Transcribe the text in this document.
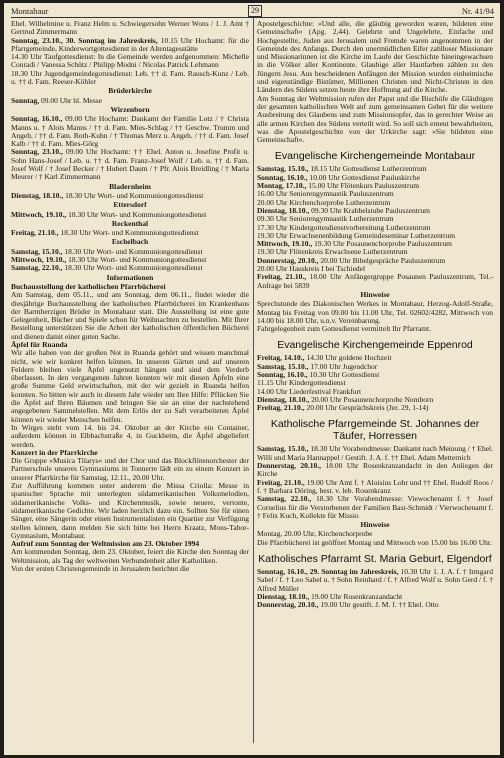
Montabaur	29	Nr. 41/94

Ehel. Wilhelmine u. Franz Helm u. Schwiegersohn Werner Wons / 1. J. Amt † Gertrud Zimmermann

Sonntag, 23.10., 30. Sonntag im Jahreskreis, 10.15 Uhr Hochamt: für die Pfarrgemeinde, Kinderwortgottesdienst in der Altentagesstätte

14.30 Uhr Taufgottesdienst: In die Gemeinde werden aufgenommen: Michelle Conradi / Vanessa Schütz / Philipp Modni / Nicolas Patrick Lehmann

18.30 Uhr Jugendgemeindegottesdienst: Leb. †† d. Fam. Rausch-Kunz / Leb. u. †† d. Fam. Reeser-Köhler

Brüderkirche

Sonntag, 09.00 Uhr hl. Messe

Wirzenborn

Sonntag, 16.10., 09.00 Uhr Hochamt: Dankamt der Familie Lotz / † Christa Manns u. † Alois Manns / †† d. Fam. Mies-Schlag / †† Geschw. Trumm und Angeh. / †† d. Fam. Roth-Kuhn / † Thomas Merz u. Angeh. / †† d. Fam. Josef Kalb / †† d. Fam. Mies-Görg

Sonntag, 23.10., 09.00 Uhr Hochamt: †† Ehel. Anton u. Josefine Profit u. Sohn Hans-Josef / Leb. u. †† d. Fam. Franz-Josef Wolf / Leb. u. †† d. Fam. Josef Wolf / † Josef Becker / † Hubert Daum / † Pfr. Alois Breidling / † Maria Meurer / † Karl Zimmermann

Bladernheim

Dienstag, 18.10., 18.30 Uhr Wort- und Kommuniongottesdienst

Ettersdorf

Mittwoch, 19.10., 18.30 Uhr Wort- und Kommuniongottesdienst

Reckenthal

Freitag, 21.10., 18.30 Uhr Wort- und Kommuniongottesdienst

Eschelbach

Samstag, 15.10., 18.30 Uhr Wort- und Kommuniongottesdienst

Mittwoch, 19.10., 18.30 Uhr Wort- und Kommuniongottesdienst

Samstag, 22.10., 18.30 Uhr Wort- und Kommuniongottesdienst

Informationen

Buchausstellung der katholischen Pfarrbücherei

Am Samstag, dem 05.11., und am Sonntag, dem 06.11., findet wieder die diesjährige Buchausstellung der katholischen Pfarrbücherei im Krankenhaus der Barmherzigen Brüder in Montabaur statt. Die Ausstellung ist eine gute Gelegenheit, Bücher und Spiele schon für Weihnachten zu bestellen. Mit Ihrer Bestellung unterstützen Sie die Arbeit der katholischen öffentlichen Bücherei und dienen damit einer guten Sache.

Äpfel für Ruanda

Wir alle haben von der großen Not in Ruanda gehört und wissen manchmal nicht, wie wir konkret helfen können. In unseren Gärten und auf unseren Feldern bleiben viele Äpfel ungenutzt hängen und sind dem Verderb überlassen. In den vergangenen Jahren konnten wir mit diesen Äpfeln eine große Summe Geld erwirtschaften, mit der wir gezielt in Ruanda helfen konnten. So bitten wir auch in diesem Jahr wieder um Ihre Hilfe: Pflücken Sie die Äpfel auf Ihren Bäumen und bringen Sie sie an eine der nachstehend angegebenen Sammelstellen. Mit dem Erlös der zu Saft verarbeiteten Äpfel können wir wieder Menschen helfen.

In Wirges steht vom 14. bis 24. Oktober an der Kirche ein Container, außerdem können in Elbbachstraße 4, in Guckheim, die Äpfel abgeliefert werden.

Konzert in der Pfarrkirche

Die Gruppe »Musica Tilarys« und der Chor und das Blockflötenorchester der Partnerschule unseres Gymnasiums in Tonnerre lädt ein zu einem Konzert in unserer Pfarrkirche für Samstag, 12.11., 20.00 Uhr.

Zur Aufführung kommen unter anderem die Missa Criolla: Messe in spanischer Sprache mit unterlegten südamerikanischen Volksmelodien, südamerikanische Volks- und Kirchenmusik, sowie neuere, vertonte, südamerikanische Gedichte. Wir laden herzlich dazu ein. Sollten Sie für einen Sänger, eine Sängerin oder einen Instrumentalisten ein Quartier zur Verfügung stellen können, dann melden Sie sich bitte bei Herrn Kraatz, Mons-Tabor-Gymnasium, Montabaur.

Aufruf zum Sonntag der Weltmission am 23. Oktober 1994

Am kommenden Sonntag, dem 23. Oktober, feiert die Kirche den Sonntag der Weltmission, als Tag der weltweiten Verbundenheit aller Katholiken.

Von der ersten Christengemeinde in Jerusalem berichtet die

Apostelgeschichte: »Und alle, die gläubig geworden waren, bildeten eine Gemeinschaft« (Apg. 2,44). Gelehrte und Ungelehrte, Einfache und Hochgestellte, Juden aus Jerusalem und Fremde waren angenommen in der Gemeinde des Anfangs. Durch den unermüdlichen Eifer zahlloser Missionare und Missionarinnen ist die Kirche im Laufe der Geschichte hineingewachsen in die Völker aller Kontinente. Glaubige aller Hautfarben zählen zu den Jüngern Jesu. Aus bescheidenen Anfängen der Mission wurden einheimische und eigenständige Bistümer, Millionen Christen und Nicht-Christen in den Ländern des Südens setzen heute ihre Hoffnung auf die Kirche.

Am Sonntag der Weltmission rufen der Papst und die Bischöfe die Gläubigen der gesamten katholischen Welt auf zum gemeinsamen Gebet für die weitere Ausbreitung des Glaubens und zum Missionsopfer, das in gerechter Weise an alle armen Kirchen des Südens verteilt wird. So soll sich erneut bewahrheiten, was die Apostelgeschichte von der Urkirche sagt: »Sie bildeten eine Gemeinschaft«.

Evangelische Kirchengemeinde Montabaur

Samstag, 15.10., 18.15 Uhr Gottesdienst Lutherzentrum

Sonntag, 16.10., 10.00 Uhr Gottesdienst Pauluskirche

Montag, 17.10., 15.00 Uhr Flötenkurs Pauluszentrum

16.00 Uhr Seniorengymnastik Pauluszentrum

20.00 Uhr Kirchenchorprobe Lutherzentrum

Dienstag, 18.10., 09.30 Uhr Krabbelstube Pauluszentrum

09.30 Uhr Seniorengymnastik Lutherzentrum

17.30 Uhr Kindergottesdienstvorbereitung Lutherzentrum

19.30 Uhr Erwachsenenbildung Gemeindeseminar Lutherzentrum

Mittwoch, 19.10., 19.30 Uhr Posaunenchorprobe Pauluszentrum

19.30 Uhr Flötenkreis Erwachsene Lutherzentrum

Donnerstag, 20.10., 20.00 Uhr Bibelgespräche Pauluszentrum

20.00 Uhr Hauskreis I bei Tschiedel

Freitag, 21.10., 18.00 Uhr Anfängergruppe Posaunen Pauluszentrum, Tel.-Anfrage bei 5839

Hinweise

Sprechstunde des Diakonischen Werkes in Montabaur, Herzog-Adolf-Straße, Montag bis Freitag von 09.00 bis 11.00 Uhr, Tel. 02602/4282, Mittwoch von 14.00 bis 18.00 Uhr, u.n.v. Vereinbarung.

Fahrgelegenheit zum Gottesdienst vermittelt Ihr Pfarramt.

Evangelische Kirchengemeinde Eppenrod

Freitag, 14.10., 14.30 Uhr goldene Hochzeit

Samstag, 15.10., 17.00 Uhr Jugendchor

Sonntag, 16.10., 10.30 Uhr Gottesdienst

11.15 Uhr Kindergottesdienst

14.00 Uhr Liederfestival Frankfurt

Dienstag, 18.10., 20.00 Uhr Posaunenchorprobe Nomborn

Freitag, 21.10., 20.00 Uhr Gesprächskreis (Jer. 29, 1-14)

Katholische Pfarrgemeinde St. Johannes der Täufer, Horressen

Samstag, 15.10., 18.30 Uhr Vorabendmesse: Dankamt nach Meinung / † Ehel. Willi und Maria Hannappel / Gestift. J. A. f. †† Ehel. Adam Metternich

Donnerstag, 20.10., 18.00 Uhr Rosenkranzandacht in den Anliegen der Kirche

Freitag, 21.10., 19.00 Uhr Amt f. † Aloisius Lohr und †† Ehel. Rudolf Roos / f. † Barbara Döring, best. v. leb. Rosenkranz

Samstag, 22.10., 18.30 Uhr Vorabendmesse: Viewochenamt f. † Josef Cornelius für die Verstorbenen der Familien Bast-Schmidt / Vierwochenamt f. † Felix Kuch, Kollekte für Missio

Hinweise

Montag, 20.00 Uhr, Kirchenchorprobe

Die Pfarrbücherei ist geöffnet Montag und Mittwoch von 15.00 bis 16.00 Uhr.

Katholisches Pfarramt St. Maria Geburt, Elgendorf

Sonntag, 16.10., 29. Sonntag im Jahreskreis, 10.30 Uhr 1. J. A. f. † Irmgard Sabel / f. † Leo Sabel u. † Sohn Reinhard / f. † Alfred Wolf u. Sohn Gerd / f. † Alfred Müller

Dienstag, 18.10., 19.00 Uhr Rosenkranzandacht

Donnerstag, 20.10., 19.00 Uhr gestift. J. M. f. †† Ehel. Otto
